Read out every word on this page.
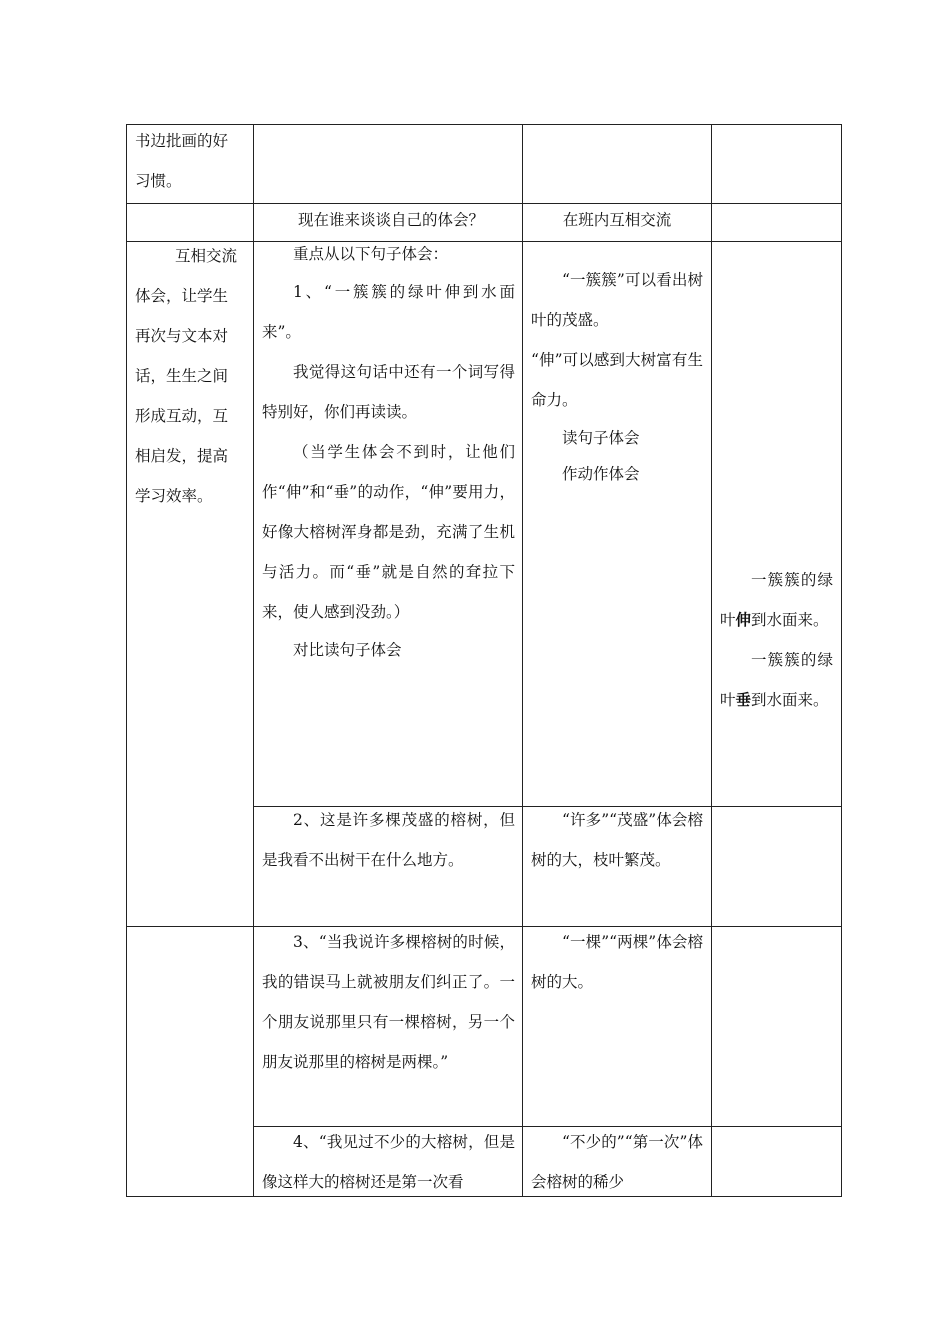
书边批画的好

习惯。

现在谁来谈谈自己的体会？	在班内互相交流

互相交流

体会，让学生

再次与文本对

话，生生之间

形成互动，互

相启发，提高

学习效率。

重点从以下句子体会：

1、“一簇簇的绿叶伸到水面来”。

我觉得这句话中还有一个词写得特别好，你们再读读。

（当学生体会不到时，让他们作“伸”和“垂”的动作，“伸”要用力，好像大榕树浑身都是劲，充满了生机与活力。而“垂”就是自然的耷拉下来，使人感到没劲。）

对比读句子体会

“一簇簇”可以看出树叶的茂盛。

“伸”可以感到大树富有生命力。

读句子体会

作动作体会

一簇簇的绿叶伸到水面来。

一簇簇的绿叶垂到水面来。

2、这是许多棵茂盛的榕树，但是我看不出树干在什么地方。

“许多”“茂盛”体会榕树的大，枝叶繁茂。

3、“当我说许多棵榕树的时候，我的错误马上就被朋友们纠正了。一个朋友说那里只有一棵榕树，另一个朋友说那里的榕树是两棵。”

“一棵”“两棵”体会榕树的大。

4、“我见过不少的大榕树，但是像这样大的榕树还是第一次看

“不少的”“第一次”体会榕树的稀少
